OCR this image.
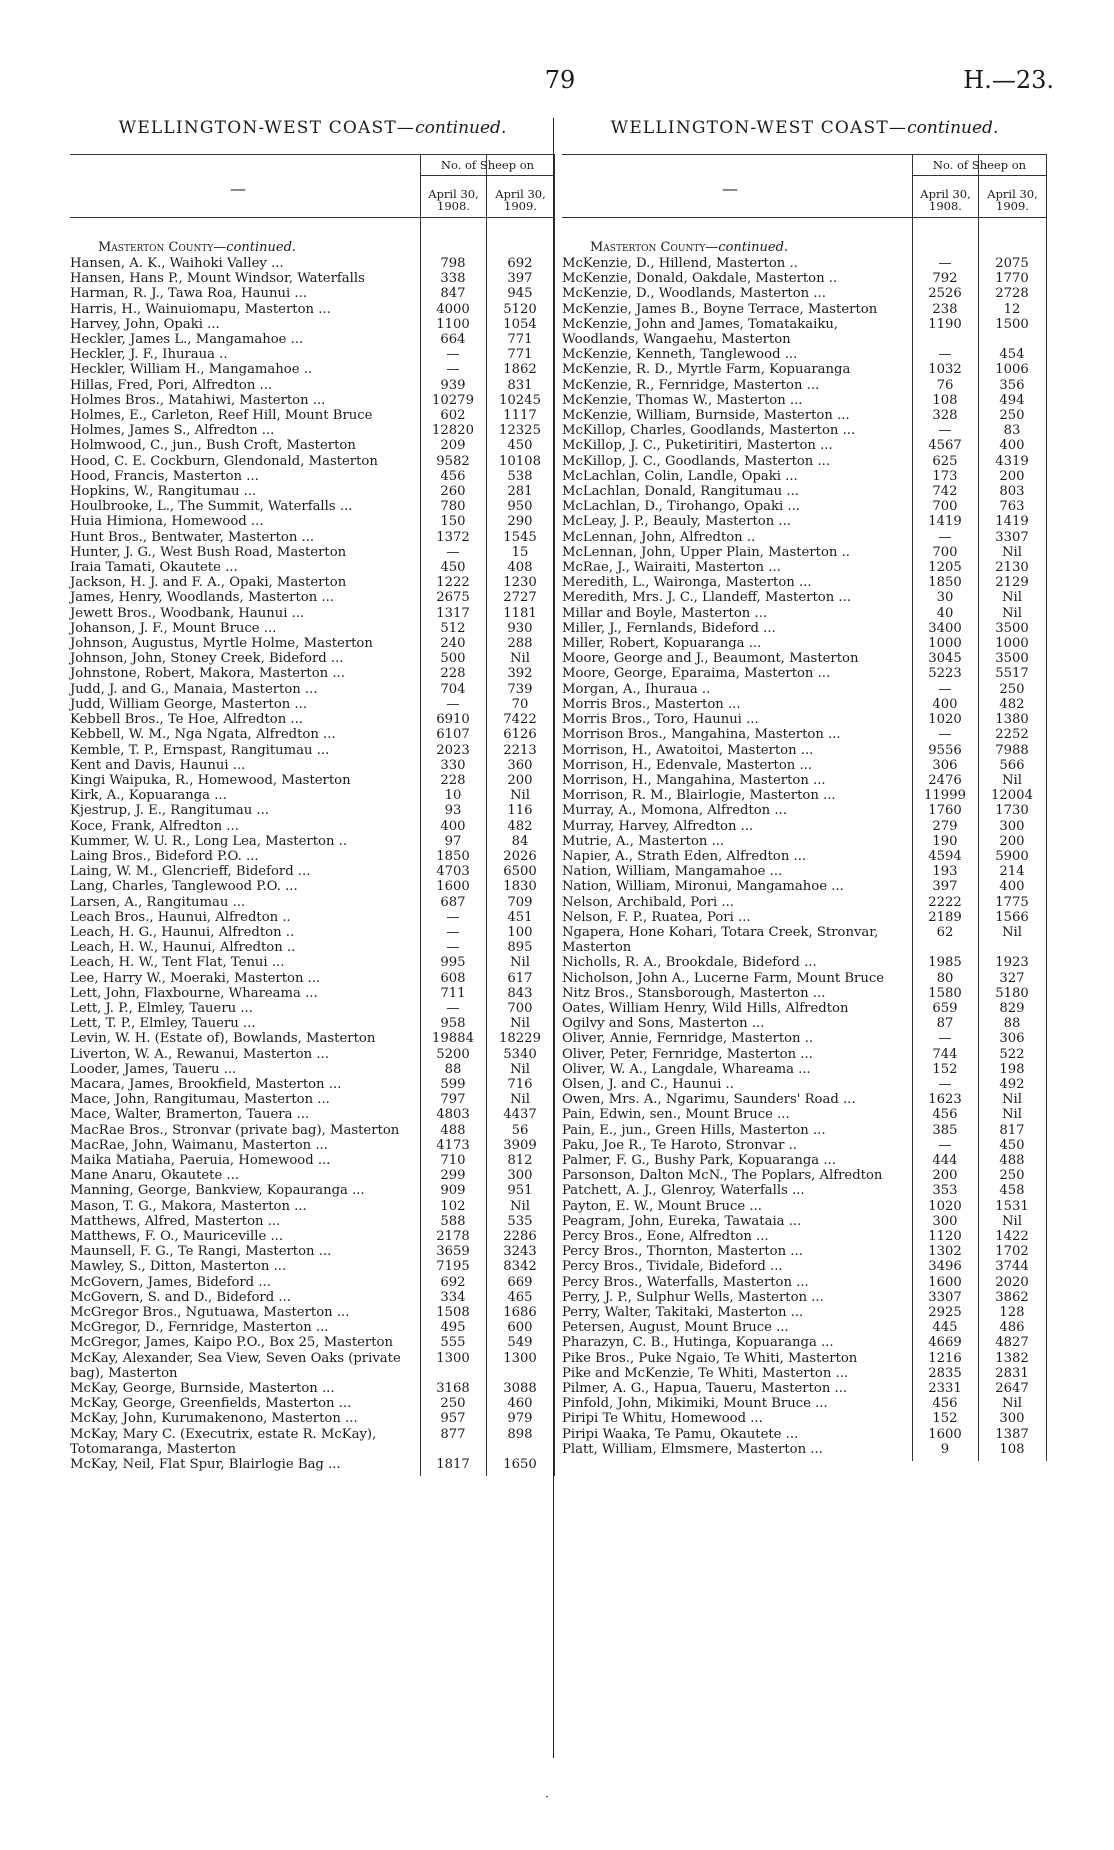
79	H.—23.
WELLINGTON-WEST COAST—continued.
—
No. of Sheep on
April 30, 1908.
April 30, 1909.
Masterton County—continued.
Hansen, A. K., Waihoki Valley ...	798	692
Hansen, Hans P., Mount Windsor, Waterfalls	338	397
Harman, R. J., Tawa Roa, Haunui ...	847	945
Harris, H., Wainuiomapu, Masterton ...	4000	5120
Harvey, John, Opaki ...	1100	1054
Heckler, James L., Mangamahoe ...	664	771
Heckler, J. F., Ihuraua ..	—	771
Heckler, William H., Mangamahoe ..	—	1862
Hillas, Fred, Pori, Alfredton ...	939	831
Holmes Bros., Matahiwi, Masterton ...	10279	10245
Holmes, E., Carleton, Reef Hill, Mount Bruce	602	1117
Holmes, James S., Alfredton ...	12820	12325
Holmwood, C., jun., Bush Croft, Masterton	209	450
Hood, C. E. Cockburn, Glendonald, Masterton	9582	10108
Hood, Francis, Masterton ...	456	538
Hopkins, W., Rangitumau ...	260	281
Houlbrooke, L., The Summit, Waterfalls ...	780	950
Huia Himiona, Homewood ...	150	290
Hunt Bros., Bentwater, Masterton ...	1372	1545
Hunter, J. G., West Bush Road, Masterton	—	15
Iraia Tamati, Okautete ...	450	408
Jackson, H. J. and F. A., Opaki, Masterton	1222	1230
James, Henry, Woodlands, Masterton ...	2675	2727
Jewett Bros., Woodbank, Haunui ...	1317	1181
Johanson, J. F., Mount Bruce ...	512	930
Johnson, Augustus, Myrtle Holme, Masterton	240	288
Johnson, John, Stoney Creek, Bideford ...	500	Nil
Johnstone, Robert, Makora, Masterton ...	228	392
Judd, J. and G., Manaia, Masterton ...	704	739
Judd, William George, Masterton ...	—	70
Kebbell Bros., Te Hoe, Alfredton ...	6910	7422
Kebbell, W. M., Nga Ngata, Alfredton ...	6107	6126
Kemble, T. P., Ernspast, Rangitumau ...	2023	2213
Kent and Davis, Haunui ...	330	360
Kingi Waipuka, R., Homewood, Masterton	228	200
Kirk, A., Kopuaranga ...	10	Nil
Kjestrup, J. E., Rangitumau ...	93	116
Koce, Frank, Alfredton ...	400	482
Kummer, W. U. R., Long Lea, Masterton ..	97	84
Laing Bros., Bideford P.O. ...	1850	2026
Laing, W. M., Glencrieff, Bideford ...	4703	6500
Lang, Charles, Tanglewood P.O. ...	1600	1830
Larsen, A., Rangitumau ...	687	709
Leach Bros., Haunui, Alfredton ..	—	451
Leach, H. G., Haunui, Alfredton ..	—	100
Leach, H. W., Haunui, Alfredton ..	—	895
Leach, H. W., Tent Flat, Tenui ...	995	Nil
Lee, Harry W., Moeraki, Masterton ...	608	617
Lett, John, Flaxbourne, Whareama ...	711	843
Lett, J. P., Elmley, Taueru ...	—	700
Lett, T. P., Elmley, Taueru ...	958	Nil
Levin, W. H. (Estate of), Bowlands, Masterton	19884	18229
Liverton, W. A., Rewanui, Masterton ...	5200	5340
Looder, James, Taueru ...	88	Nil
Macara, James, Brookfield, Masterton ...	599	716
Mace, John, Rangitumau, Masterton ...	797	Nil
Mace, Walter, Bramerton, Tauera ...	4803	4437
MacRae Bros., Stronvar (private bag), Masterton	488	56
MacRae, John, Waimanu, Masterton ...	4173	3909
Maika Matiaha, Paeruia, Homewood ...	710	812
Mane Anaru, Okautete ...	299	300
Manning, George, Bankview, Kopauranga ...	909	951
Mason, T. G., Makora, Masterton ...	102	Nil
Matthews, Alfred, Masterton ...	588	535
Matthews, F. O., Mauriceville ...	2178	2286
Maunsell, F. G., Te Rangi, Masterton ...	3659	3243
Mawley, S., Ditton, Masterton ...	7195	8342
McGovern, James, Bideford ...	692	669
McGovern, S. and D., Bideford ...	334	465
McGregor Bros., Ngutuawa, Masterton ...	1508	1686
McGregor, D., Fernridge, Masterton ...	495	600
McGregor, James, Kaipo P.O., Box 25, Masterton	555	549
McKay, Alexander, Sea View, Seven Oaks (private bag), Masterton
1300	1300
McKay, George, Burnside, Masterton ...	3168	3088
McKay, George, Greenfields, Masterton ...	250	460
McKay, John, Kurumakenono, Masterton ...	957	979
McKay, Mary C. (Executrix, estate R. McKay), Totomaranga, Masterton
877	898
McKay, Neil, Flat Spur, Blairlogie Bag ...	1817	1650
WELLINGTON-WEST COAST—continued.
—
No. of Sheep on
April 30, 1908.
April 30, 1909.
Masterton County—continued.
McKenzie, D., Hillend, Masterton ..	—	2075
McKenzie, Donald, Oakdale, Masterton ..	792	1770
McKenzie, D., Woodlands, Masterton ...	2526	2728
McKenzie, James B., Boyne Terrace, Masterton	238	12
McKenzie, John and James, Tomatakaiku, Woodlands, Wangaehu, Masterton
1190	1500
McKenzie, Kenneth, Tanglewood ...	—	454
McKenzie, R. D., Myrtle Farm, Kopuaranga	1032	1006
McKenzie, R., Fernridge, Masterton ...	76	356
McKenzie, Thomas W., Masterton ...	108	494
McKenzie, William, Burnside, Masterton ...	328	250
McKillop, Charles, Goodlands, Masterton ...	—	83
McKillop, J. C., Puketiritiri, Masterton ...	4567	400
McKillop, J. C., Goodlands, Masterton ...	625	4319
McLachlan, Colin, Landle, Opaki ...	173	200
McLachlan, Donald, Rangitumau ...	742	803
McLachlan, D., Tirohango, Opaki ...	700	763
McLeay, J. P., Beauly, Masterton ...	1419	1419
McLennan, John, Alfredton ..	—	3307
McLennan, John, Upper Plain, Masterton ..	700	Nil
McRae, J., Wairaiti, Masterton ...	1205	2130
Meredith, L., Waironga, Masterton ...	1850	2129
Meredith, Mrs. J. C., Llandeff, Masterton ...	30	Nil
Millar and Boyle, Masterton ...	40	Nil
Miller, J., Fernlands, Bideford ...	3400	3500
Miller, Robert, Kopuaranga ...	1000	1000
Moore, George and J., Beaumont, Masterton	3045	3500
Moore, George, Eparaima, Masterton ...	5223	5517
Morgan, A., Ihuraua ..	—	250
Morris Bros., Masterton ...	400	482
Morris Bros., Toro, Haunui ...	1020	1380
Morrison Bros., Mangahina, Masterton ...	—	2252
Morrison, H., Awatoitoi, Masterton ...	9556	7988
Morrison, H., Edenvale, Masterton ...	306	566
Morrison, H., Mangahina, Masterton ...	2476	Nil
Morrison, R. M., Blairlogie, Masterton ...	11999	12004
Murray, A., Momona, Alfredton ...	1760	1730
Murray, Harvey, Alfredton ...	279	300
Mutrie, A., Masterton ...	190	200
Napier, A., Strath Eden, Alfredton ...	4594	5900
Nation, William, Mangamahoe ...	193	214
Nation, William, Mironui, Mangamahoe ...	397	400
Nelson, Archibald, Pori ...	2222	1775
Nelson, F. P., Ruatea, Pori ...	2189	1566
Ngapera, Hone Kohari, Totara Creek, Stronvar, Masterton
62	Nil
Nicholls, R. A., Brookdale, Bideford ...	1985	1923
Nicholson, John A., Lucerne Farm, Mount Bruce	80	327
Nitz Bros., Stansborough, Masterton ...	1580	5180
Oates, William Henry, Wild Hills, Alfredton	659	829
Ogilvy and Sons, Masterton ...	87	88
Oliver, Annie, Fernridge, Masterton ..	—	306
Oliver, Peter, Fernridge, Masterton ...	744	522
Oliver, W. A., Langdale, Whareama ...	152	198
Olsen, J. and C., Haunui ..	—	492
Owen, Mrs. A., Ngarimu, Saunders' Road ...	1623	Nil
Pain, Edwin, sen., Mount Bruce ...	456	Nil
Pain, E., jun., Green Hills, Masterton ...	385	817
Paku, Joe R., Te Haroto, Stronvar ..	—	450
Palmer, F. G., Bushy Park, Kopuaranga ...	444	488
Parsonson, Dalton McN., The Poplars, Alfredton	200	250
Patchett, A. J., Glenroy, Waterfalls ...	353	458
Payton, E. W., Mount Bruce ...	1020	1531
Peagram, John, Eureka, Tawataia ...	300	Nil
Percy Bros., Eone, Alfredton ...	1120	1422
Percy Bros., Thornton, Masterton ...	1302	1702
Percy Bros., Tividale, Bideford ...	3496	3744
Percy Bros., Waterfalls, Masterton ...	1600	2020
Perry, J. P., Sulphur Wells, Masterton ...	3307	3862
Perry, Walter, Takitaki, Masterton ...	2925	128
Petersen, August, Mount Bruce ...	445	486
Pharazyn, C. B., Hutinga, Kopuaranga ...	4669	4827
Pike Bros., Puke Ngaio, Te Whiti, Masterton	1216	1382
Pike and McKenzie, Te Whiti, Masterton ...	2835	2831
Pilmer, A. G., Hapua, Taueru, Masterton ...	2331	2647
Pinfold, John, Mikimiki, Mount Bruce ...	456	Nil
Piripi Te Whitu, Homewood ...	152	300
Piripi Waaka, Te Pamu, Okautete ...	1600	1387
Platt, William, Elmsmere, Masterton ...	9	108
·
